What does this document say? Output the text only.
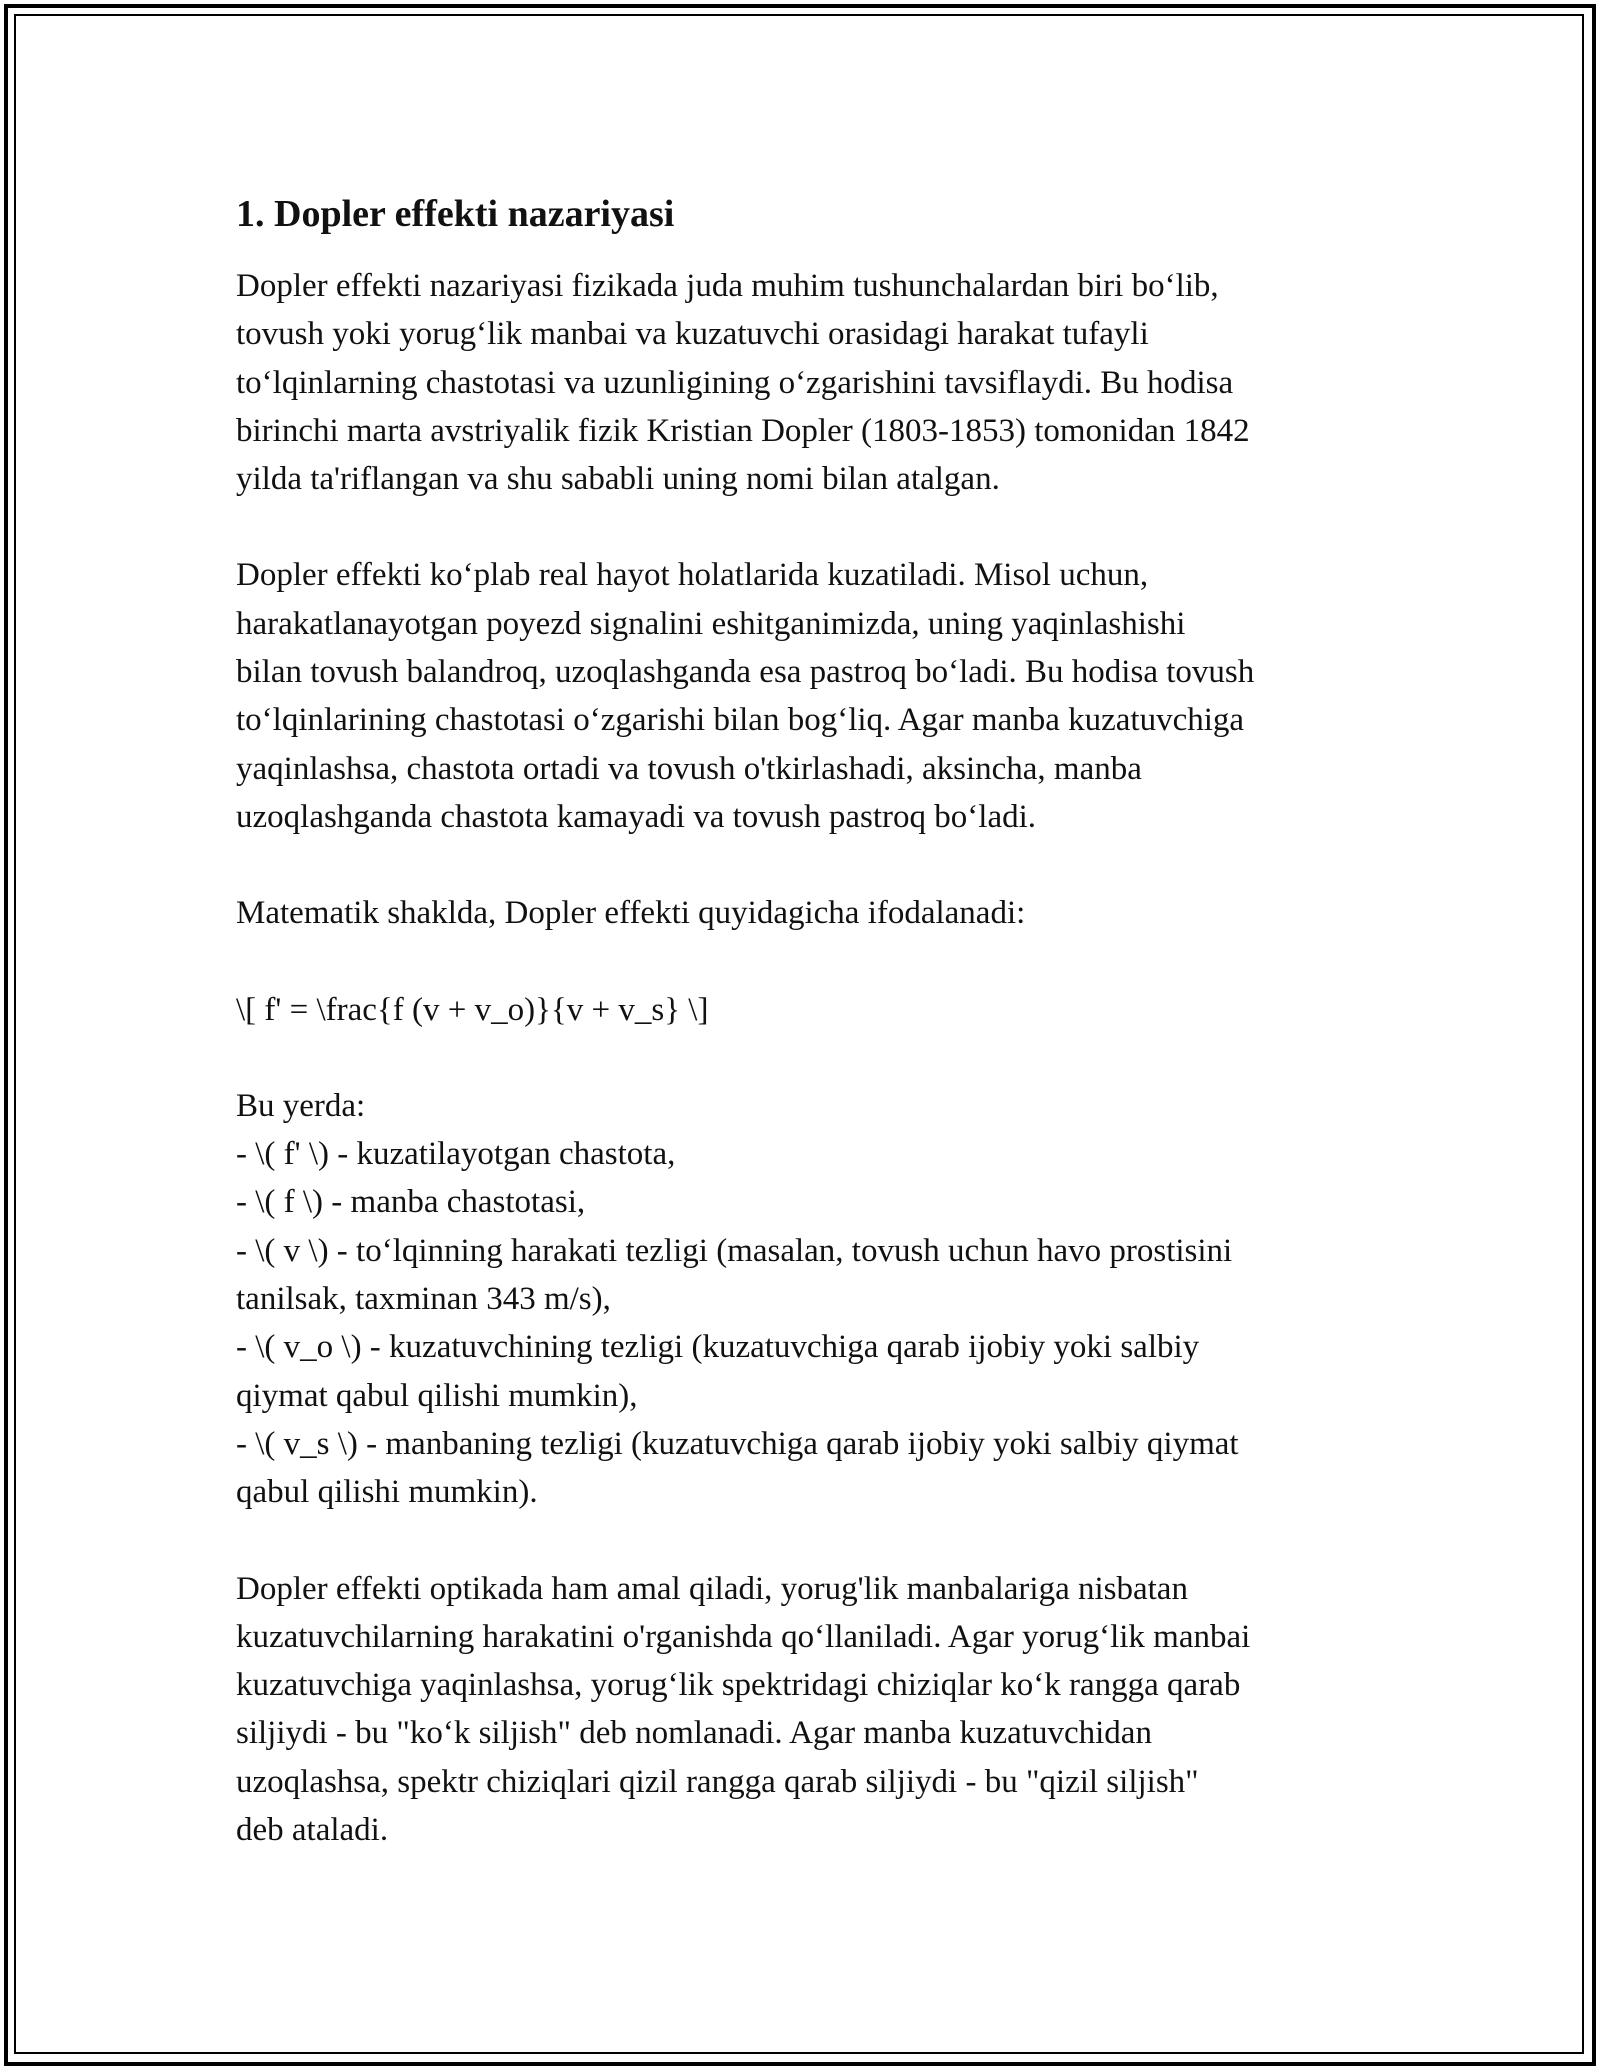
1. Dopler effekti nazariyasi

Dopler effekti nazariyasi fizikada juda muhim tushunchalardan biri boʻlib,
tovush yoki yorugʻlik manbai va kuzatuvchi orasidagi harakat tufayli
toʻlqinlarning chastotasi va uzunligining oʻzgarishini tavsiflaydi. Bu hodisa
birinchi marta avstriyalik fizik Kristian Dopler (1803-1853) tomonidan 1842
yilda ta'riflangan va shu sababli uning nomi bilan atalgan.

Dopler effekti koʻplab real hayot holatlarida kuzatiladi. Misol uchun,
harakatlanayotgan poyezd signalini eshitganimizda, uning yaqinlashishi
bilan tovush balandroq, uzoqlashganda esa pastroq boʻladi. Bu hodisa tovush
toʻlqinlarining chastotasi oʻzgarishi bilan bogʻliq. Agar manba kuzatuvchiga
yaqinlashsa, chastota ortadi va tovush o'tkirlashadi, aksincha, manba
uzoqlashganda chastota kamayadi va tovush pastroq boʻladi.

Matematik shaklda, Dopler effekti quyidagicha ifodalanadi:

\[ f' = \frac{f (v + v_o)}{v + v_s} \]

Bu yerda:
- \( f' \) - kuzatilayotgan chastota,
- \( f \) - manba chastotasi,
- \( v \) - toʻlqinning harakati tezligi (masalan, tovush uchun havo prostisini
tanilsak, taxminan 343 m/s),
- \( v_o \) - kuzatuvchining tezligi (kuzatuvchiga qarab ijobiy yoki salbiy
qiymat qabul qilishi mumkin),
- \( v_s \) - manbaning tezligi (kuzatuvchiga qarab ijobiy yoki salbiy qiymat
qabul qilishi mumkin).

Dopler effekti optikada ham amal qiladi, yorug'lik manbalariga nisbatan
kuzatuvchilarning harakatini o'rganishda qoʻllaniladi. Agar yorugʻlik manbai
kuzatuvchiga yaqinlashsa, yorugʻlik spektridagi chiziqlar koʻk rangga qarab
siljiydi - bu "koʻk siljish" deb nomlanadi. Agar manba kuzatuvchidan
uzoqlashsa, spektr chiziqlari qizil rangga qarab siljiydi - bu "qizil siljish"
deb ataladi.
